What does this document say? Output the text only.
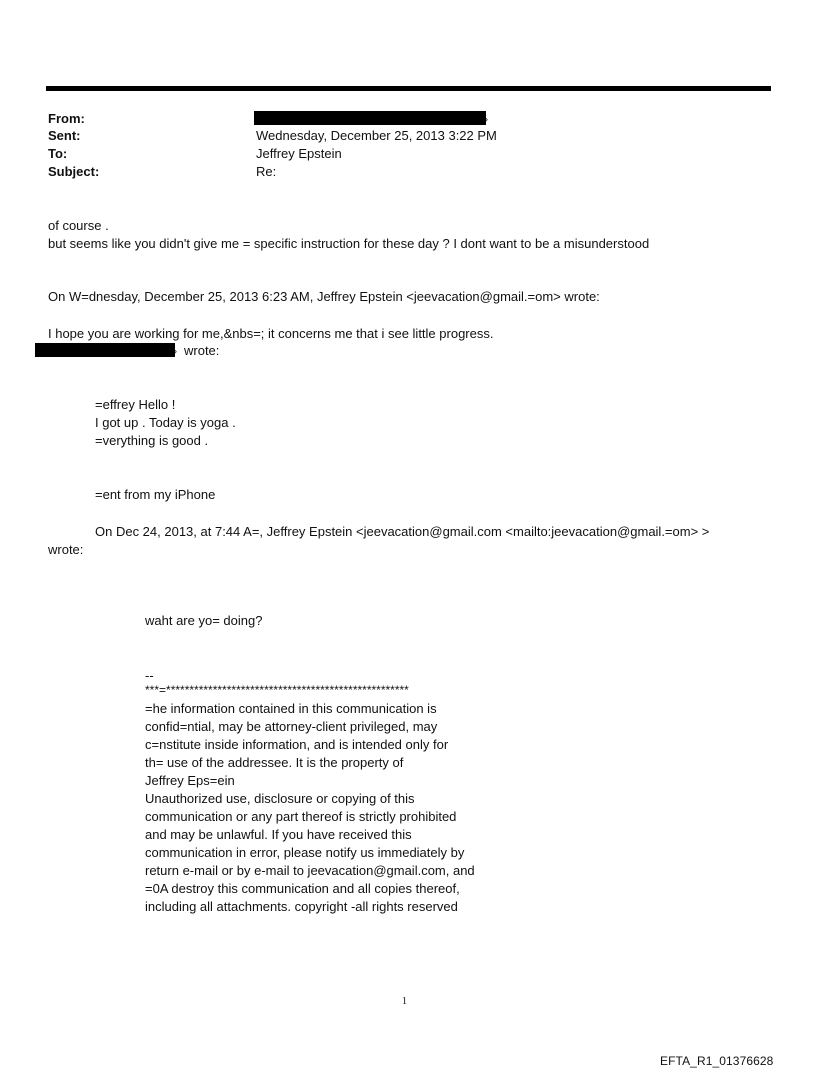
From:	›
Sent:	Wednesday, December 25, 2013 3:22 PM
To:	Jeffrey Epstein
Subject:	Re:
of course .
but seems like you didn't give me = specific instruction for these day ? I dont want to be a misunderstood
On W=dnesday, December 25, 2013 6:23 AM, Jeffrey Epstein <jeevacation@gmail.=om> wrote:
I hope you are working for me,&nbs=; it concerns me that i see little progress.
› wrote:
=effrey Hello !
I got up . Today is yoga .
=verything is good .
=ent from my iPhone
On Dec 24, 2013, at 7:44 A=, Jeffrey Epstein <jeevacation@gmail.com <mailto:jeevacation@gmail.=om> >
wrote:
waht are yo= doing?
--
***=****************************************************
=he information contained in this communication is
confid=ntial, may be attorney-client privileged, may
c=nstitute inside information, and is intended only for
th= use of the addressee. It is the property of
Jeffrey Eps=ein
Unauthorized use, disclosure or copying of this
communication or any part thereof is strictly prohibited
and may be unlawful. If you have received this
communication in error, please notify us immediately by
return e-mail or by e-mail to jeevacation@gmail.com, and
=0A destroy this communication and all copies thereof,
including all attachments. copyright -all rights reserved
1
EFTA_R1_01376628
